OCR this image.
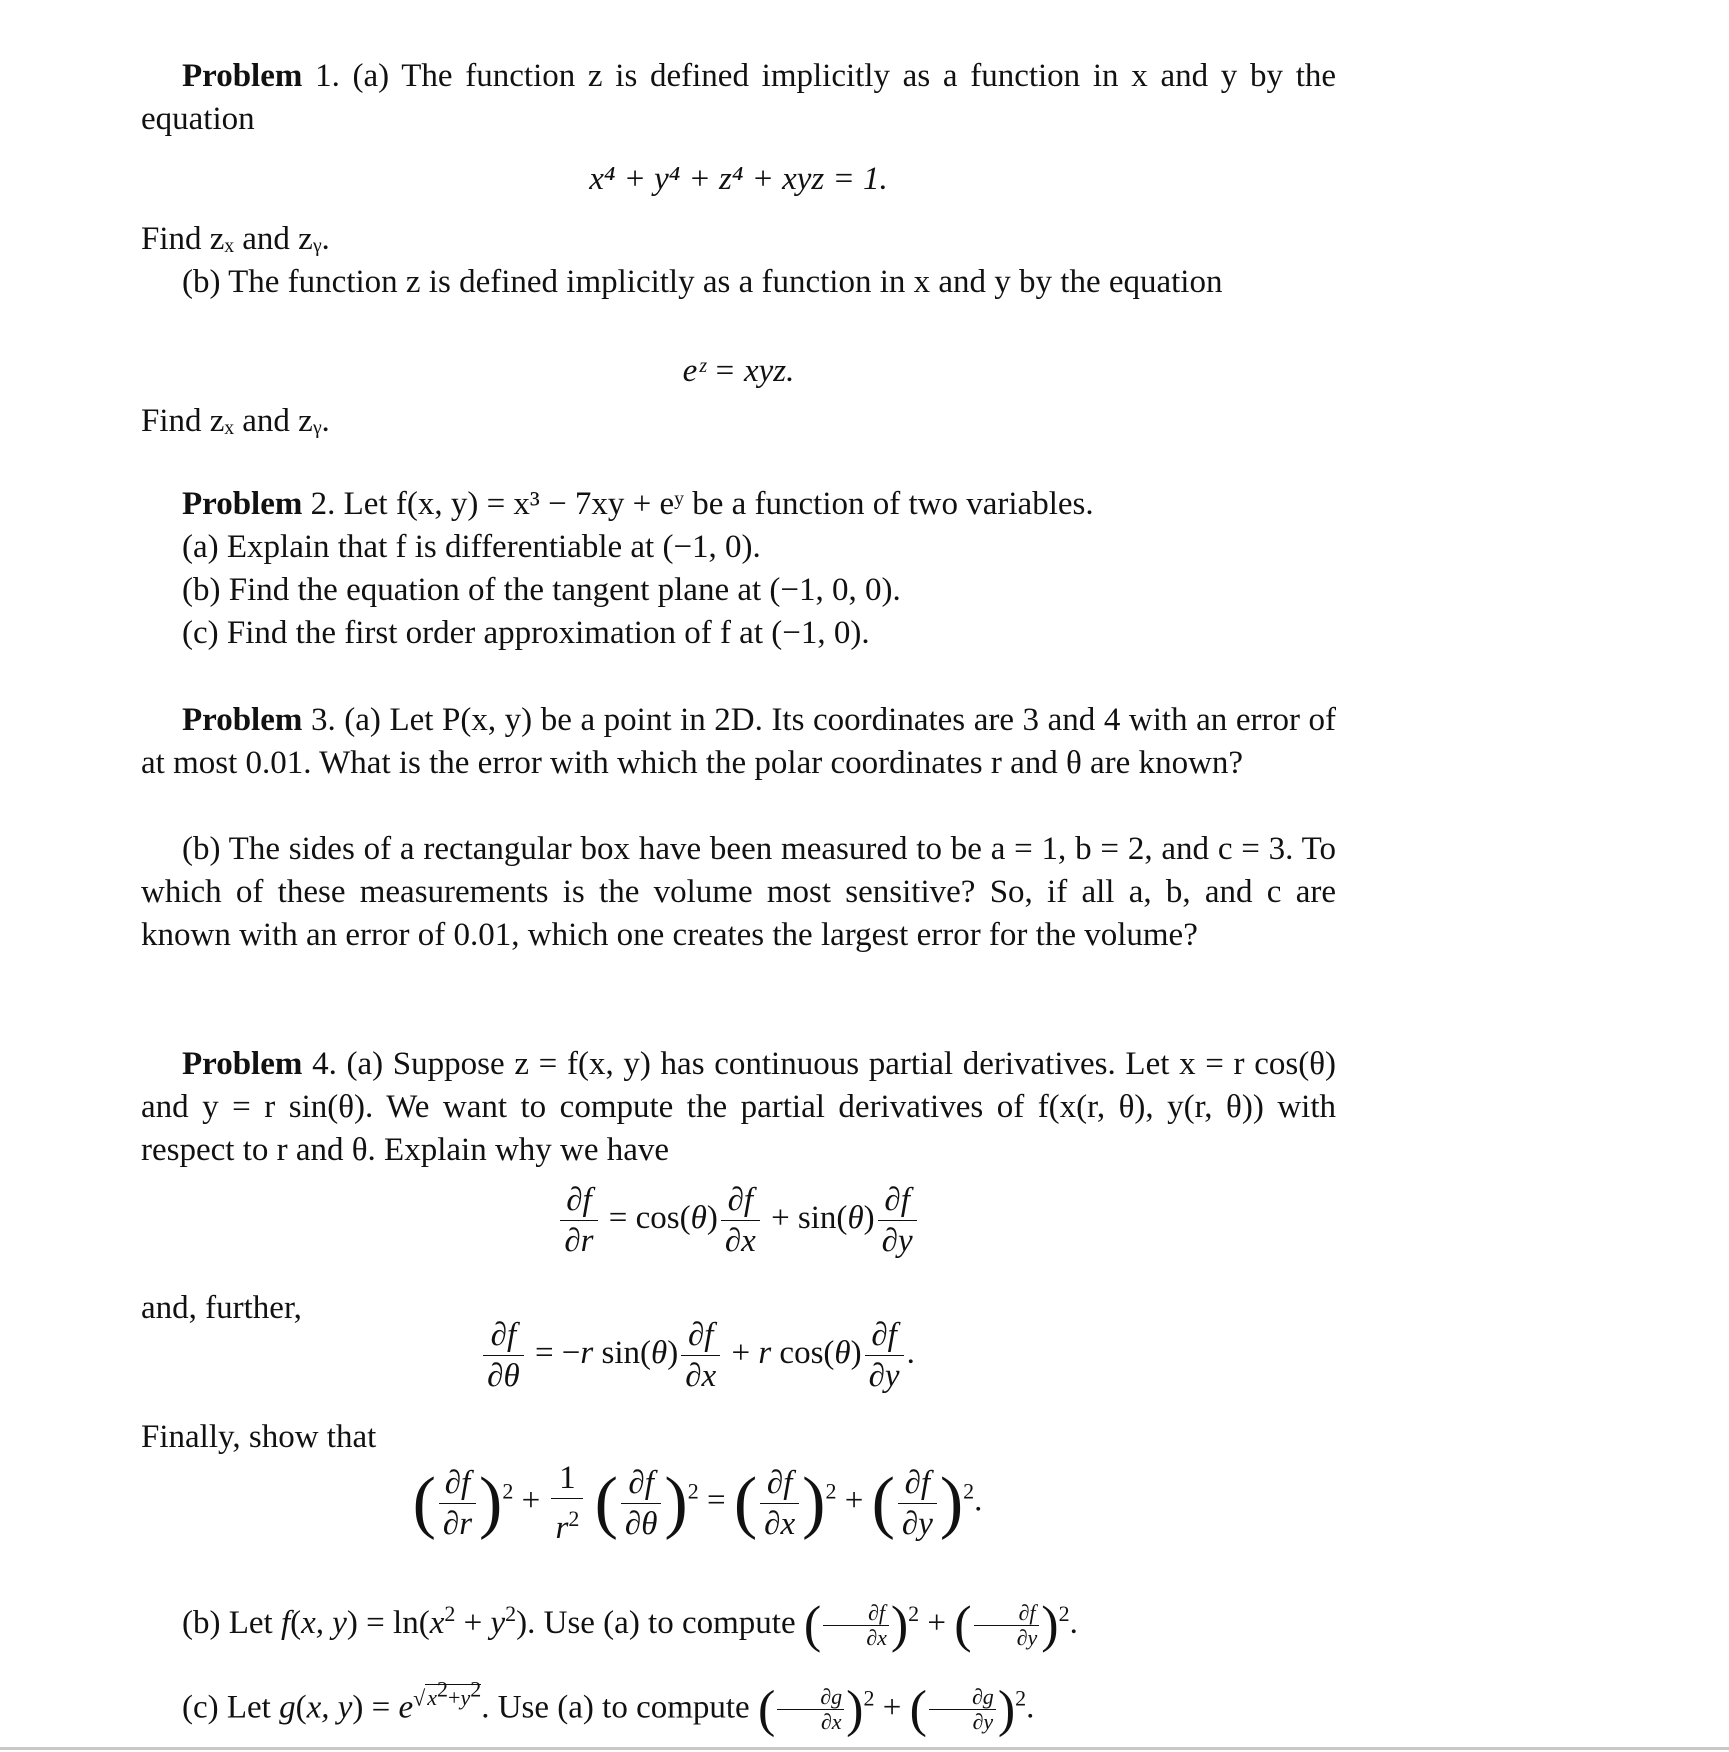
Problem 1. (a) The function z is defined implicitly as a function in x and y by the equation
x⁴ + y⁴ + z⁴ + xyz = 1.
Find zₓ and zᵧ.
(b) The function z is defined implicitly as a function in x and y by the equation
eᶻ = xyz.
Find zₓ and zᵧ.
Problem 2. Let f(x, y) = x³ − 7xy + eʸ be a function of two variables.
(a) Explain that f is differentiable at (−1, 0).
(b) Find the equation of the tangent plane at (−1, 0, 0).
(c) Find the first order approximation of f at (−1, 0).
Problem 3. (a) Let P(x, y) be a point in 2D. Its coordinates are 3 and 4 with an error of at most 0.01. What is the error with which the polar coordinates r and θ are known?
(b) The sides of a rectangular box have been measured to be a = 1, b = 2, and c = 3. To which of these measurements is the volume most sensitive? So, if all a, b, and c are known with an error of 0.01, which one creates the largest error for the volume?
Problem 4. (a) Suppose z = f(x, y) has continuous partial derivatives. Let x = r cos(θ) and y = r sin(θ). We want to compute the partial derivatives of f(x(r, θ), y(r, θ)) with respect to r and θ. Explain why we have
$\frac{\partial f}{\partial r} = \cos(\theta) \frac{\partial f}{\partial x} + \sin(\theta) \frac{\partial f}{\partial y}$
and, further,
$\frac{\partial f}{\partial\theta} = -r$ $\sin(\theta) \frac{\partial f}{\partial x} + r$ $\cos(\theta) \frac{\partial f}{\partial y}$ .
Finally, show that
( $\frac{\partial f}{\partial r} )^2 + \frac{1}{r^2}$ ( $\frac{\partial f}{\partial\theta} )^2$ = ( $\frac{\partial f}{\partial x} )^2$ + ( $\frac{\partial f}{\partial y} )^2$.
(b) Let f(x, $y) = \ln(x^2 + y^2)$. Use (a) to compute ( $\frac{\partial f}{\partial x} )^2$ + ( $\frac{\partial f}{\partial y} )^2$.
(c) Let g(x, $y) = e^{√x^2+y^2}$. Use (a) to compute ( $\frac{\partial g}{\partial x} )^2$ + ( $\frac{\partial g}{\partial y} )^2$.
